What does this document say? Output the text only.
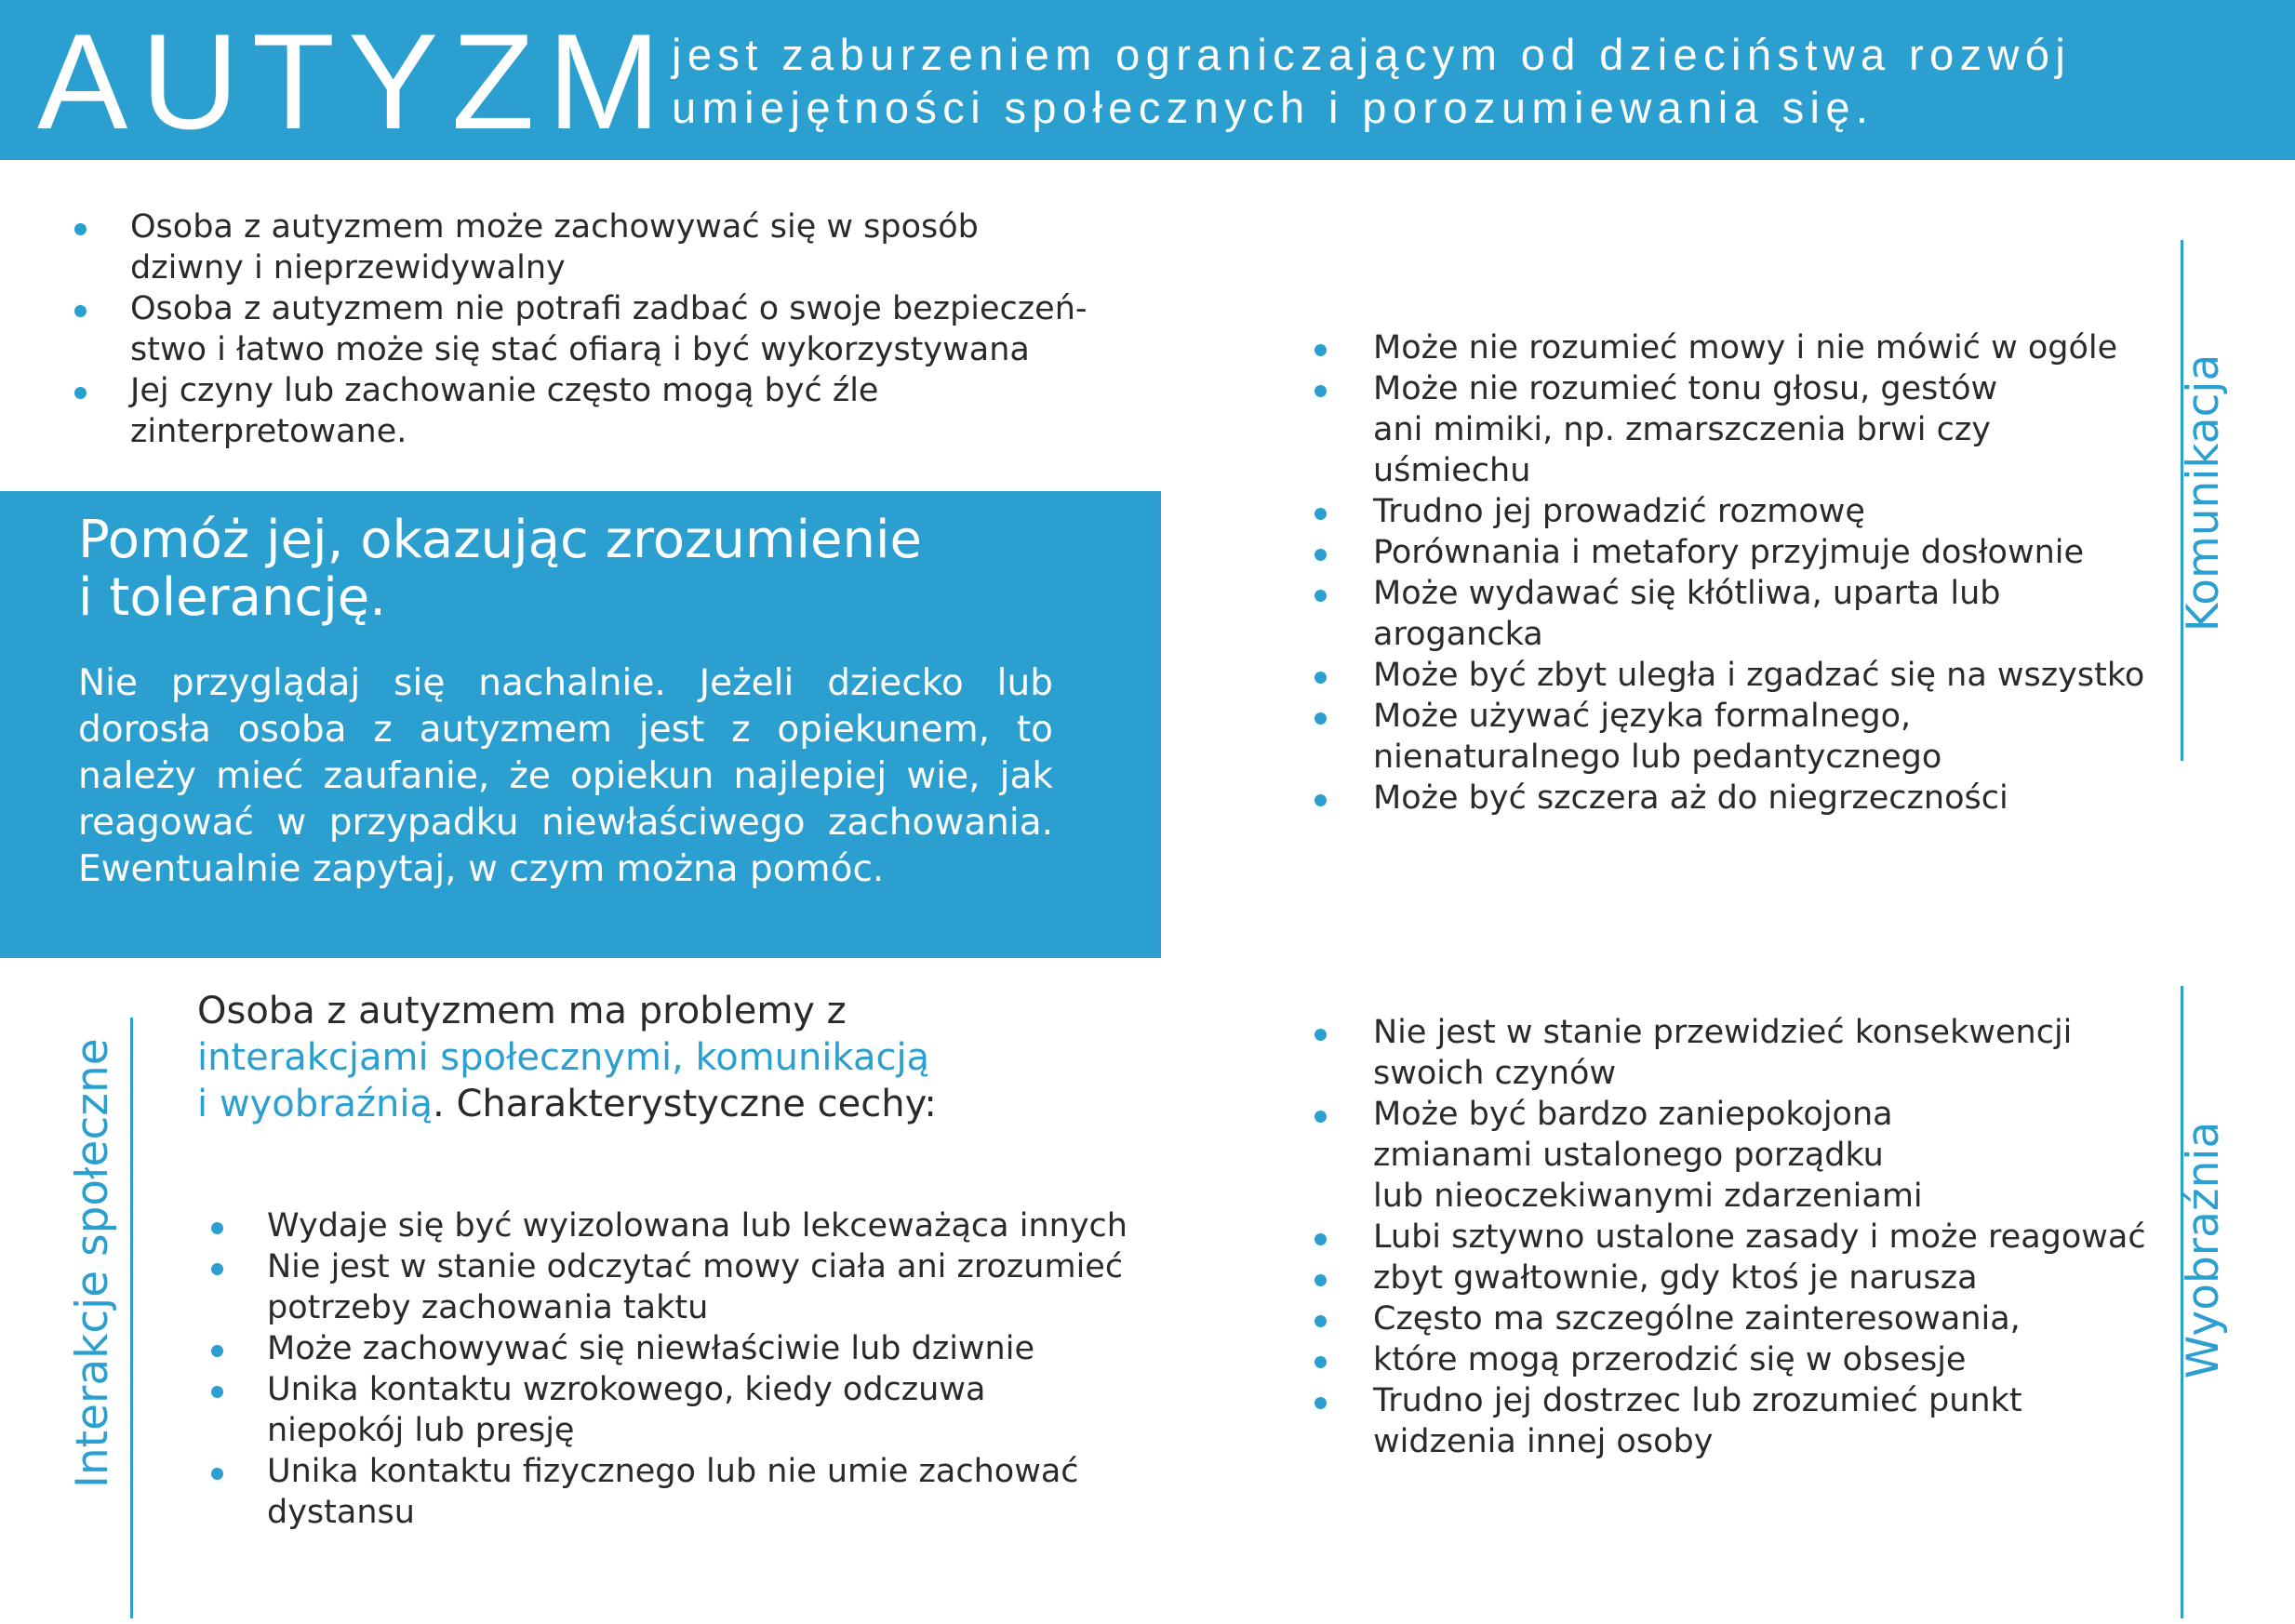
AUTYZM
jest zaburzeniem ograniczającym od dzieciństwa rozwój
umiejętności społecznych i porozumiewania się.
Osoba z autyzmem może zachowywać się w sposób
dziwny i nieprzewidywalny
Osoba z autyzmem nie potrafi zadbać o swoje bezpieczeń-
stwo i łatwo może się stać ofiarą i być wykorzystywana
Jej czyny lub zachowanie często mogą być źle
zinterpretowane.
Pomóż jej, okazując zrozumienie
i tolerancję.

Nie przyglądaj się nachalnie. Jeżeli dziecko lub dorosła osoba z autyzmem jest z opiekunem, to należy mieć zaufanie, że opiekun najlepiej wie, jak reagować w przypadku niewłaściwego zachowania. Ewentualnie zapytaj, w czym można pomóc.

Komunikacja
Może nie rozumieć mowy i nie mówić w ogóle
Może nie rozumieć tonu głosu, gestów
ani mimiki, np. zmarszczenia brwi czy
uśmiechu
Trudno jej prowadzić rozmowę
Porównania i metafory przyjmuje dosłownie
Może wydawać się kłótliwa, uparta lub
arogancka
Może być zbyt uległa i zgadzać się na wszystko
Może używać języka formalnego,
nienaturalnego lub pedantycznego
Może być szczera aż do niegrzeczności
Interakcje społeczne

Osoba z autyzmem ma problemy z
interakcjami społecznymi, komunikacją
i wyobraźnią. Charakterystyczne cechy:

Wydaje się być wyizolowana lub lekceważąca innych
Nie jest w stanie odczytać mowy ciała ani zrozumieć
potrzeby zachowania taktu
Może zachowywać się niewłaściwie lub dziwnie
Unika kontaktu wzrokowego, kiedy odczuwa
niepokój lub presję
Unika kontaktu fizycznego lub nie umie zachować
dystansu
Wyobraźnia
Nie jest w stanie przewidzieć konsekwencji
swoich czynów
Może być bardzo zaniepokojona
zmianami ustalonego porządku
lub nieoczekiwanymi zdarzeniami
Lubi sztywno ustalone zasady i może reagować
zbyt gwałtownie, gdy ktoś je narusza
Często ma szczególne zainteresowania,
które mogą przerodzić się w obsesje
Trudno jej dostrzec lub zrozumieć punkt
widzenia innej osoby
